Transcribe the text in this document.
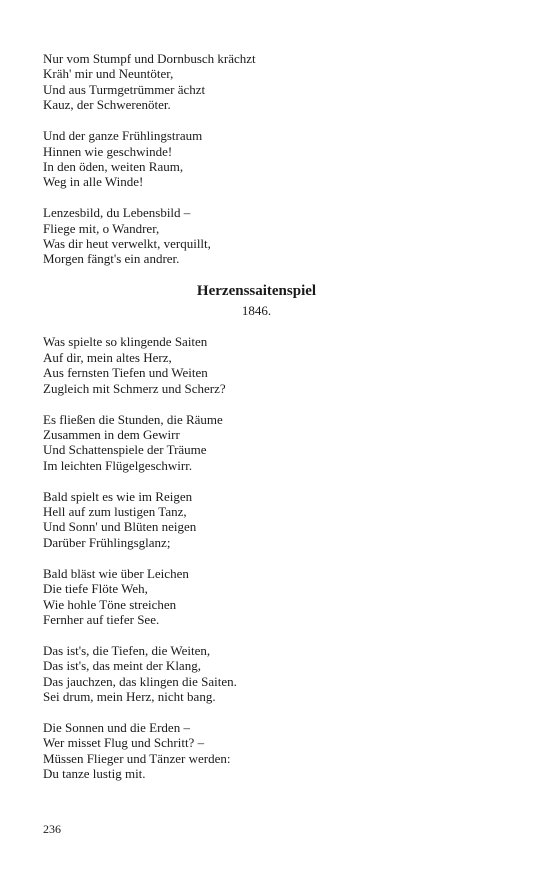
Nur vom Stumpf und Dornbusch krächzt
Kräh' mir und Neuntöter,
Und aus Turmgetrümmer ächzt
Kauz, der Schwerenöter.
Und der ganze Frühlingstraum
Hinnen wie geschwinde!
In den öden, weiten Raum,
Weg in alle Winde!
Lenzesbild, du Lebensbild –
Fliege mit, o Wandrer,
Was dir heut verwelkt, verquillt,
Morgen fängt's ein andrer.
Herzenssaitenspiel
1846.
Was spielte so klingende Saiten
Auf dir, mein altes Herz,
Aus fernsten Tiefen und Weiten
Zugleich mit Schmerz und Scherz?
Es fließen die Stunden, die Räume
Zusammen in dem Gewirr
Und Schattenspiele der Träume
Im leichten Flügelgeschwirr.
Bald spielt es wie im Reigen
Hell auf zum lustigen Tanz,
Und Sonn' und Blüten neigen
Darüber Frühlingsglanz;
Bald bläst wie über Leichen
Die tiefe Flöte Weh,
Wie hohle Töne streichen
Fernher auf tiefer See.
Das ist's, die Tiefen, die Weiten,
Das ist's, das meint der Klang,
Das jauchzen, das klingen die Saiten.
Sei drum, mein Herz, nicht bang.
Die Sonnen und die Erden –
Wer misset Flug und Schritt? –
Müssen Flieger und Tänzer werden:
Du tanze lustig mit.
236
